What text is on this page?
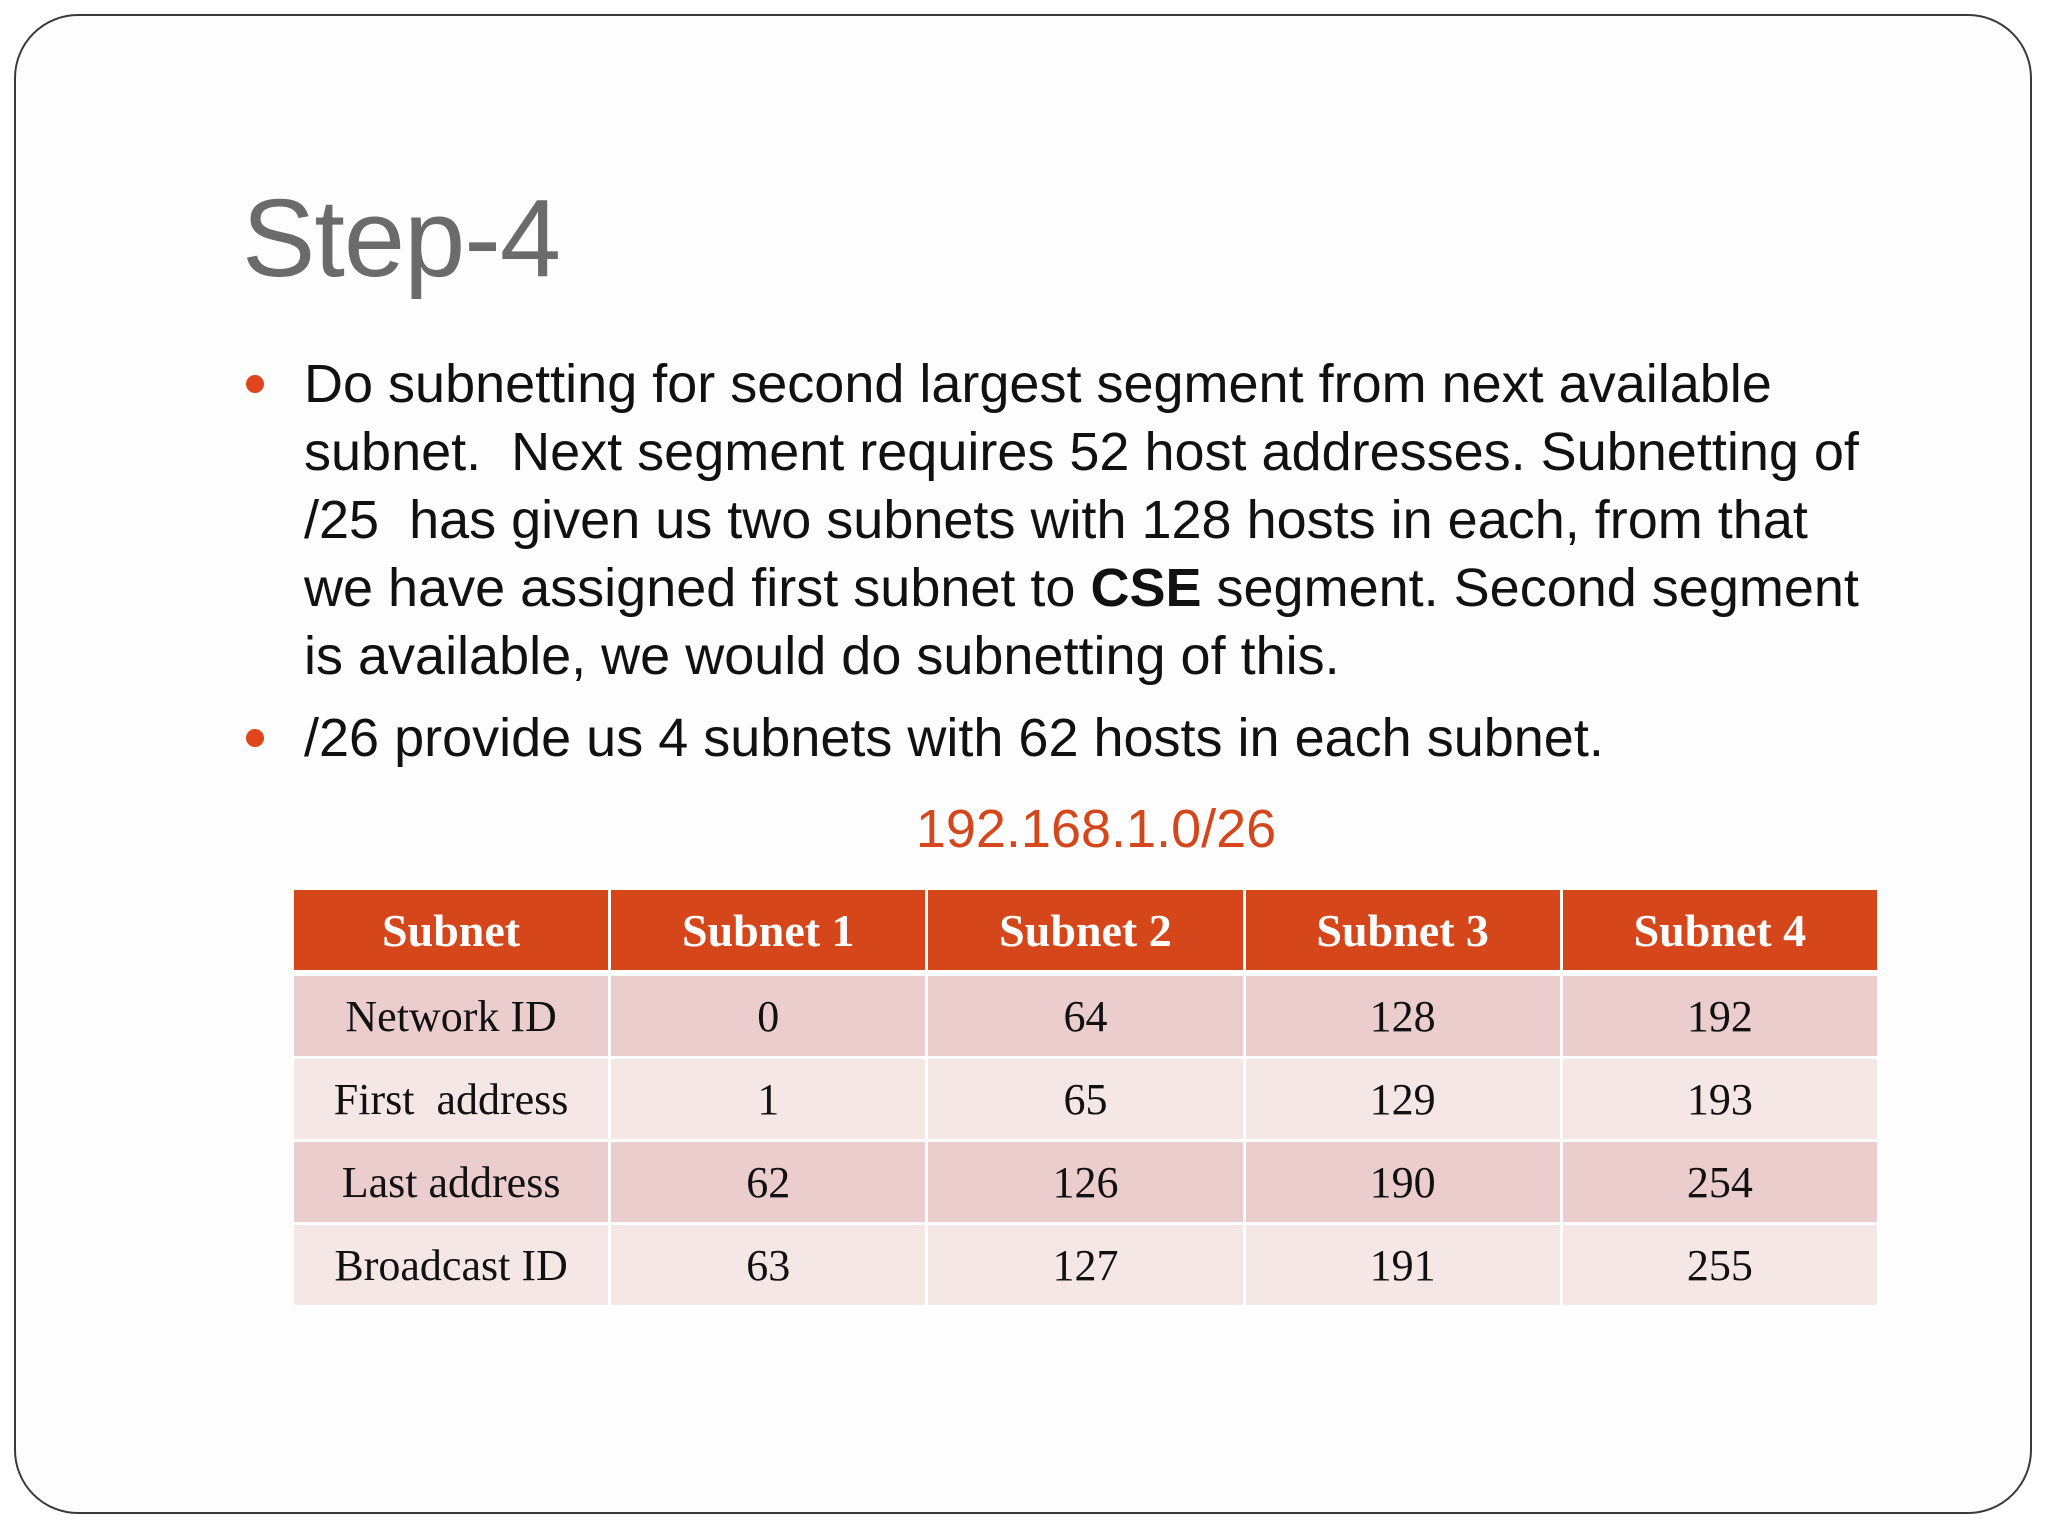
Step-4
Do subnetting for second largest segment from next available
subnet.  Next segment requires 52 host addresses. Subnetting of
/25  has given us two subnets with 128 hosts in each, from that
we have assigned first subnet to CSE segment. Second segment
is available, we would do subnetting of this.
/26 provide us 4 subnets with 62 hosts in each subnet.
192.168.1.0/26
Subnet	Subnet 1	Subnet 2	Subnet 3	Subnet 4
Network ID	0	64	128	192
First  address	1	65	129	193
Last address	62	126	190	254
Broadcast ID	63	127	191	255
